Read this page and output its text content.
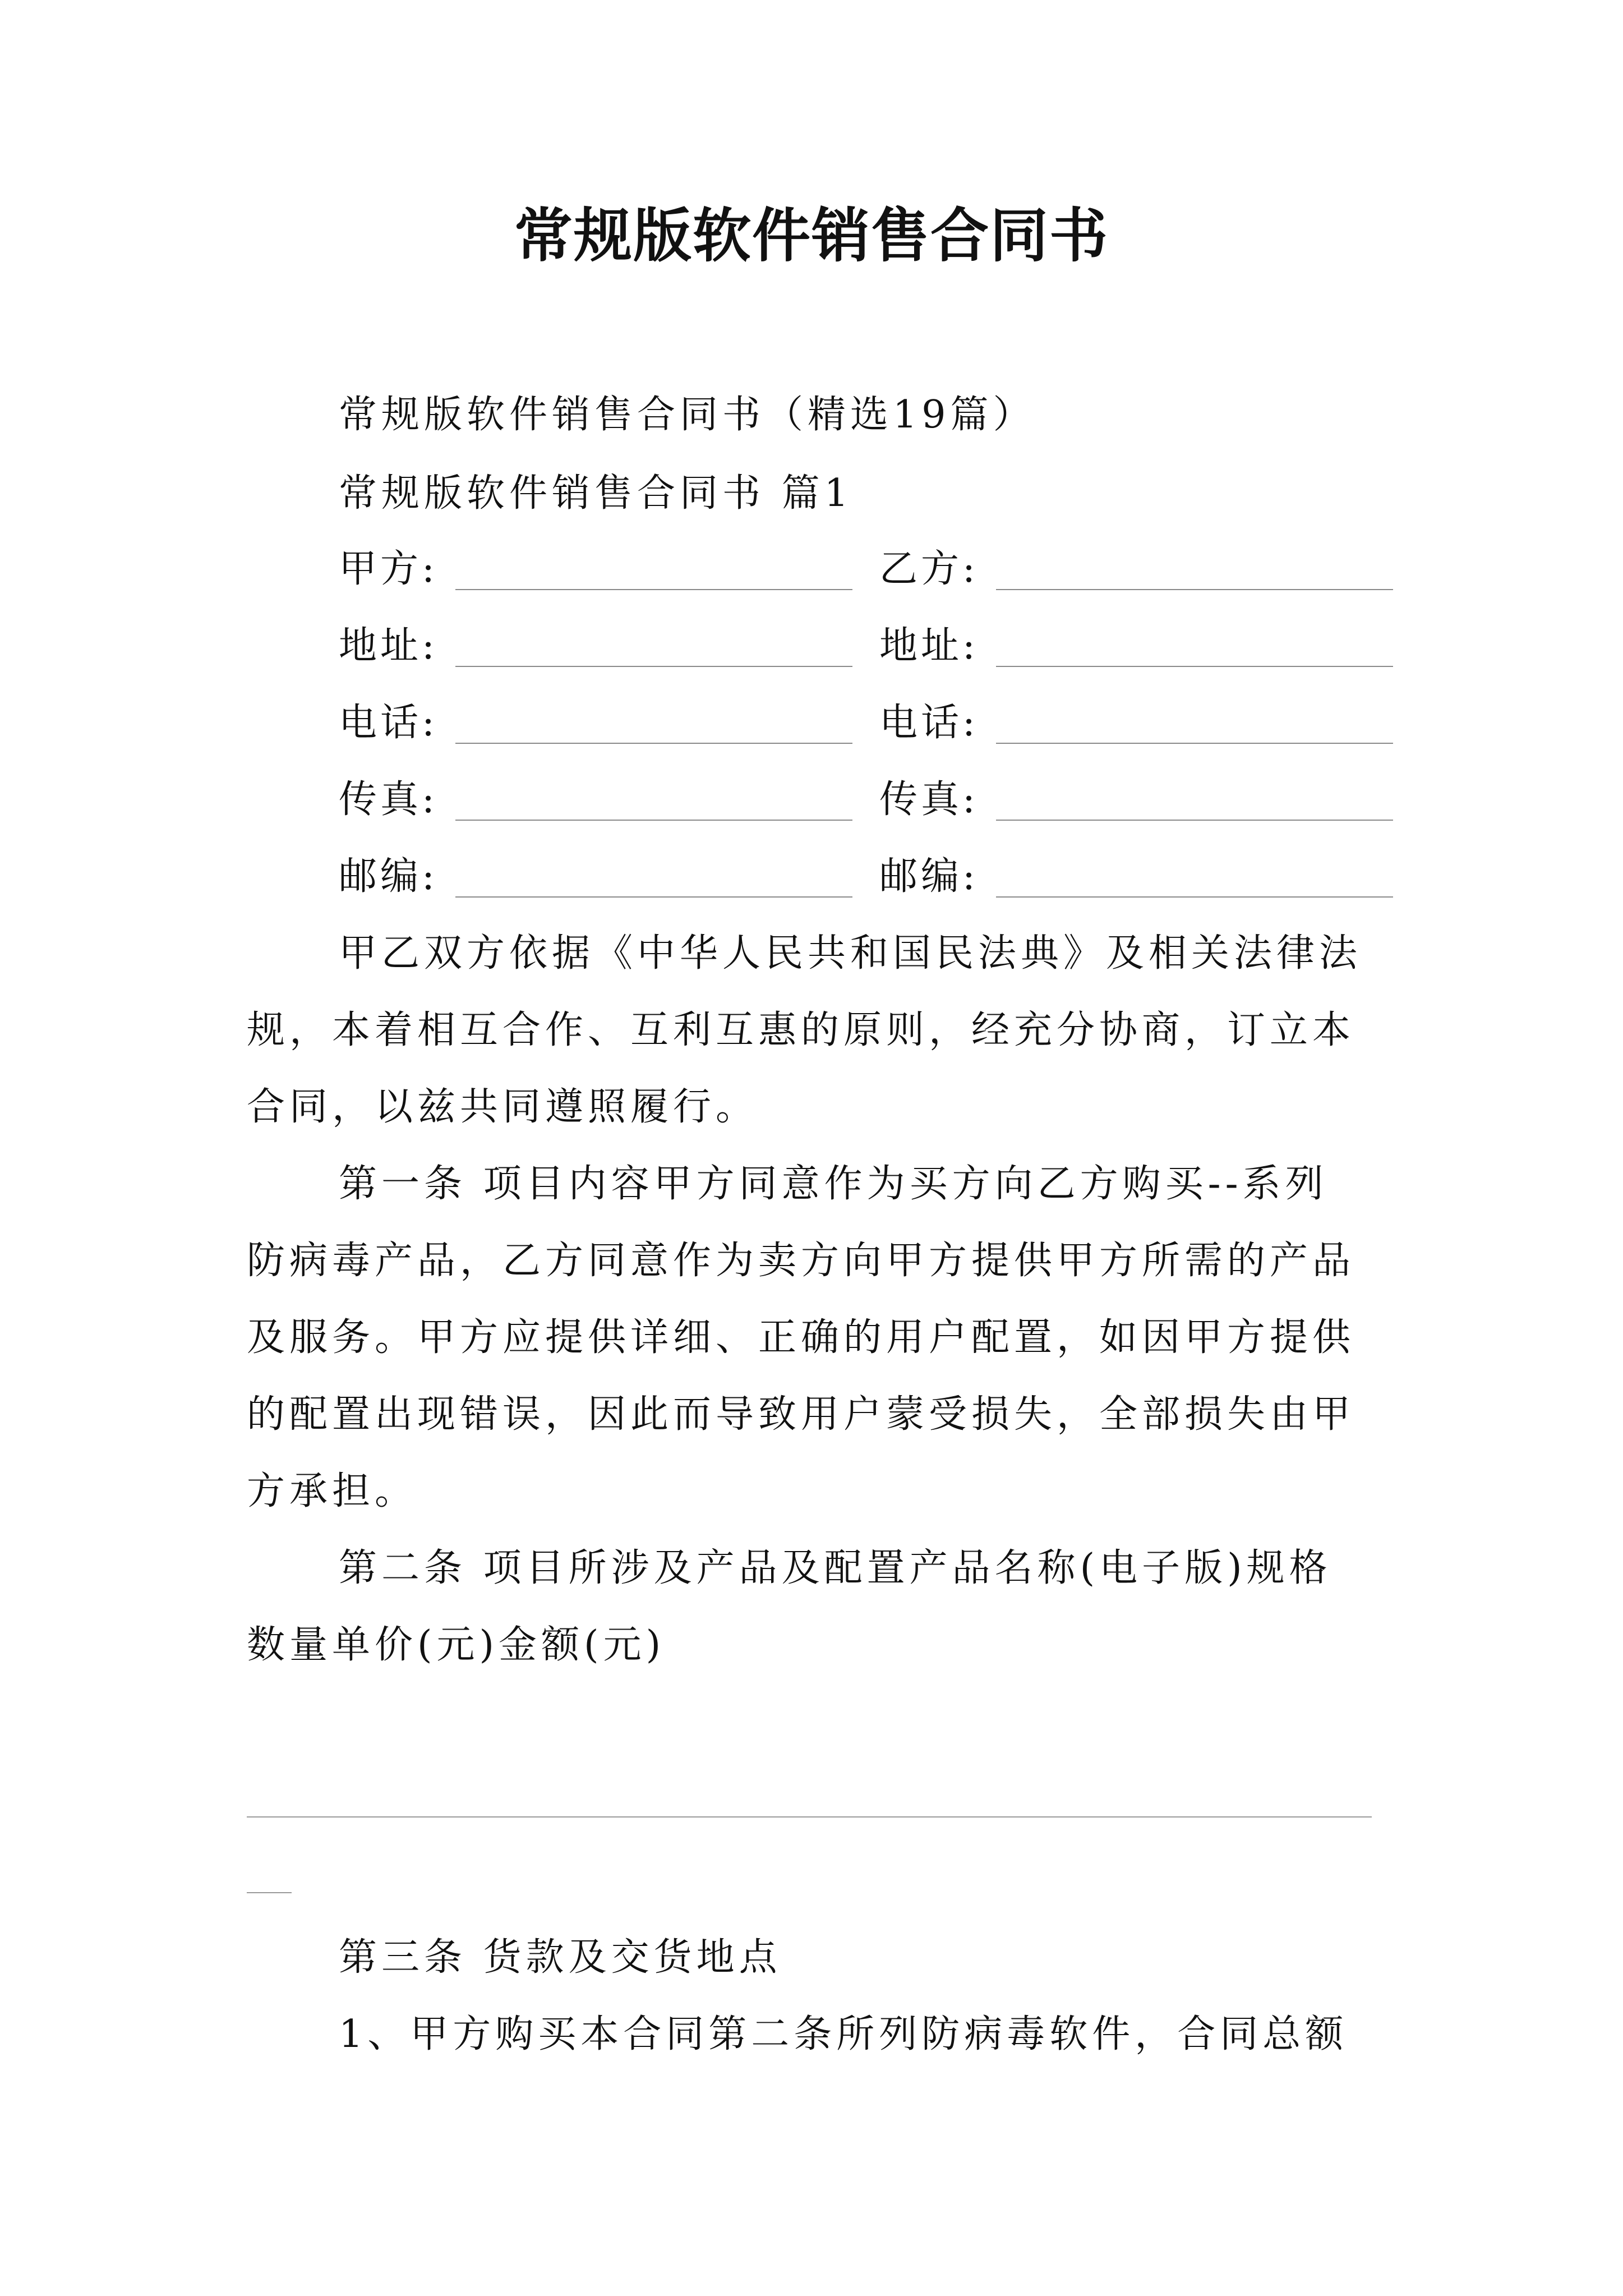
常规版软件销售合同书
常规版软件销售合同书（精选19篇）
常规版软件销售合同书 篇1
甲方:	乙方:
地址:	地址:
电话:	电话:
传真:	传真:
邮编:	邮编:
甲乙双方依据《中华人民共和国民法典》及相关法律法
规，本着相互合作、互利互惠的原则，经充分协商，订立本
合同，以兹共同遵照履行。
第一条 项目内容甲方同意作为买方向乙方购买--系列
防病毒产品，乙方同意作为卖方向甲方提供甲方所需的产品
及服务。甲方应提供详细、正确的用户配置，如因甲方提供
的配置出现错误，因此而导致用户蒙受损失，全部损失由甲
方承担。
第二条 项目所涉及产品及配置产品名称(电子版)规格
数量单价(元)金额(元)
第三条 货款及交货地点
1、甲方购买本合同第二条所列防病毒软件，合同总额
